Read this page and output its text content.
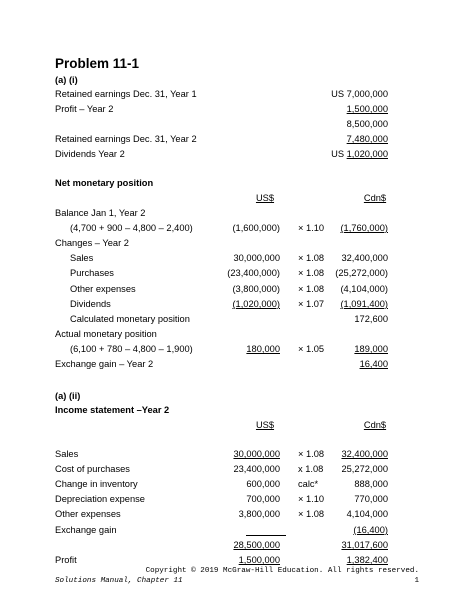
Problem 11-1
(a) (i)
Retained earnings Dec. 31, Year 1	US 7,000,000
Profit – Year 2	1,500,000
8,500,000
Retained earnings Dec. 31, Year 2	7,480,000
Dividends Year 2	US 1,020,000
Net monetary position
US$	Cdn$
Balance Jan 1, Year 2
(4,700 + 900 – 4,800 – 2,400)	(1,600,000) × 1.10 (1,760,000)
Changes – Year 2
Sales	30,000,000 × 1.08 32,400,000
Purchases	(23,400,000) × 1.08 (25,272,000)
Other expenses	(3,800,000) × 1.08 (4,104,000)
Dividends	(1,020,000) × 1.07 (1,091,400)
Calculated monetary position	172,600
Actual monetary position
(6,100 + 780 – 4,800 – 1,900)	180,000 × 1.05	189,000
Exchange gain – Year 2	16,400
(a) (ii)
Income statement –Year 2
US$	Cdn$
Sales	30,000,000 × 1.08 32,400,000
Cost of purchases	23,400,000 x 1.08 25,272,000
Change in inventory	600,000 calc*	888,000
Depreciation expense	700,000 × 1.10	770,000
Other expenses	3,800,000 × 1.08 4,104,000
Exchange gain	(16,400)
28,500,000	31,017,600
Profit	1,500,000	1,382,400
Copyright © 2019 McGraw-Hill Education. All rights reserved.
Solutions Manual, Chapter 11	1
